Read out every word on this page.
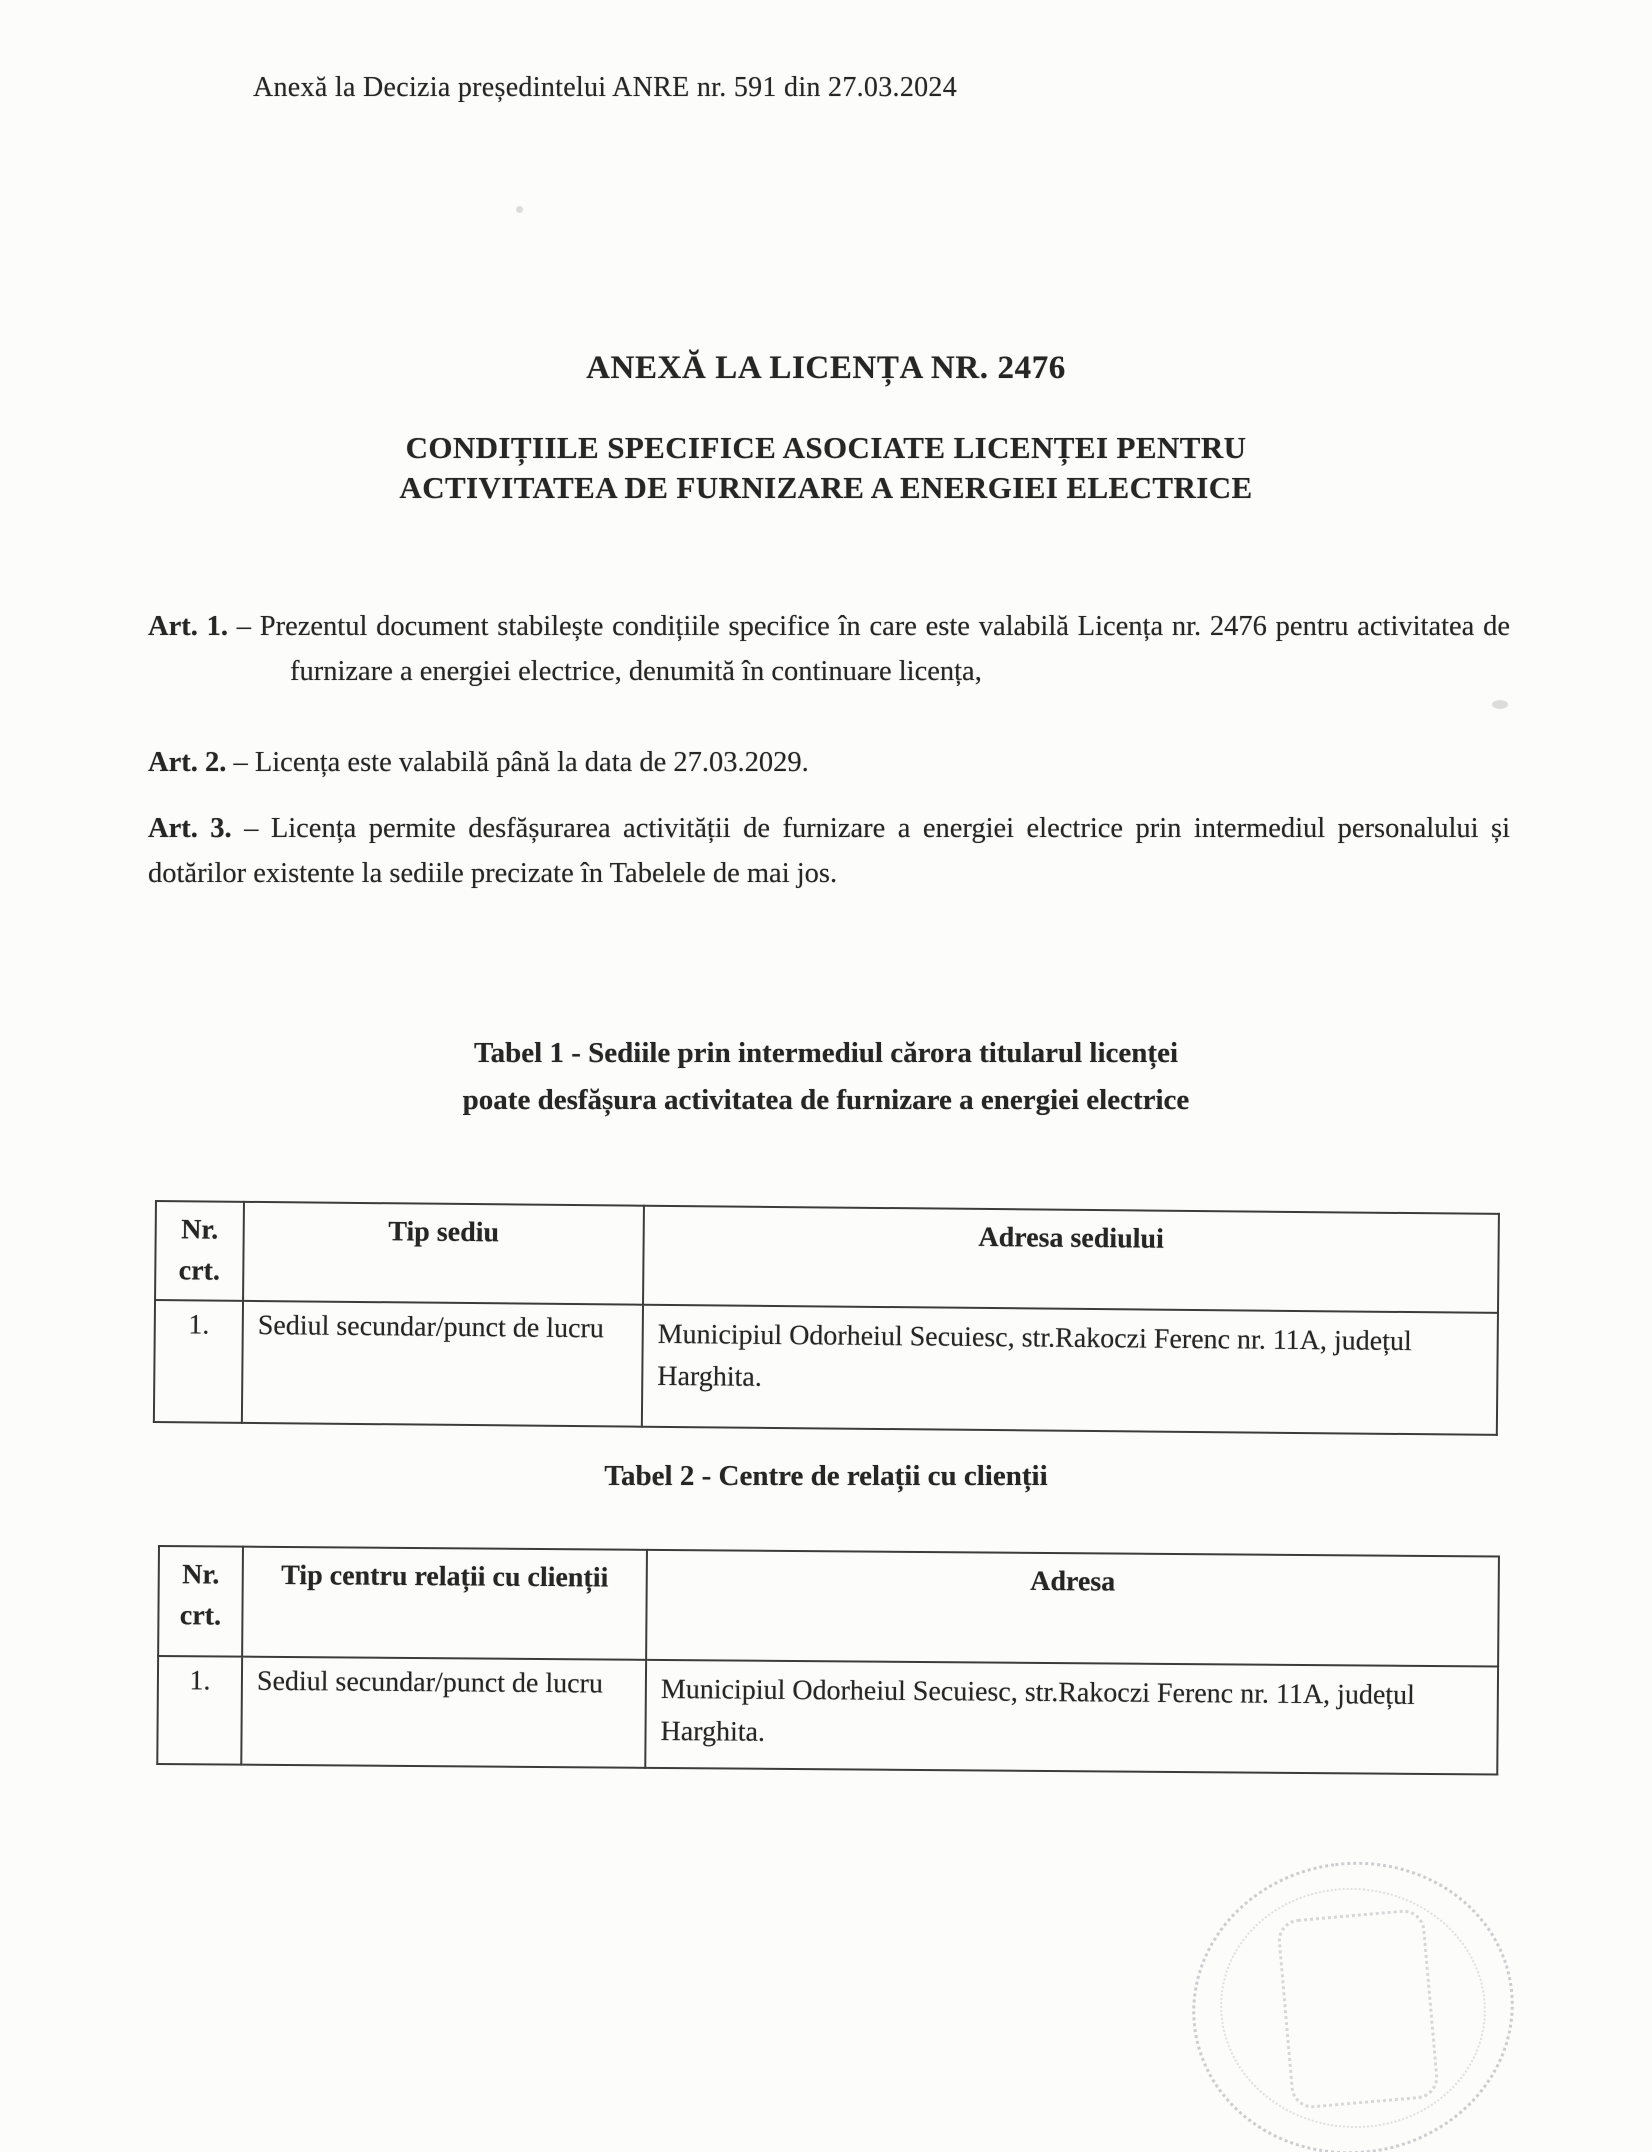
Anexă la Decizia președintelui ANRE nr. 591 din 27.03.2024
ANEXĂ LA LICENȚA NR. 2476
CONDIȚIILE SPECIFICE ASOCIATE LICENȚEI PENTRU
ACTIVITATEA DE FURNIZARE A ENERGIEI ELECTRICE

Art. 1. – Prezentul document stabilește condițiile specifice în care este valabilă Licența nr. 2476 pentru activitatea de furnizare a energiei electrice, denumită în continuare licența,

Art. 2. – Licența este valabilă până la data de 27.03.2029.

Art. 3. – Licența permite desfășurarea activității de furnizare a energiei electrice prin intermediul personalului și dotărilor existente la sediile precizate în Tabelele de mai jos.

Tabel 1 - Sediile prin intermediul cărora titularul licenței
poate desfășura activitatea de furnizare a energiei electrice
Nr. crt.	Tip sediu	Adresa sediului
1.	Sediul secundar/punct de lucru	Municipiul Odorheiul Secuiesc, str.Rakoczi Ferenc nr. 11A, județul Harghita.
Tabel 2 - Centre de relații cu clienții
Nr. crt.	Tip centru relații cu clienții	Adresa
1.	Sediul secundar/punct de lucru	Municipiul Odorheiul Secuiesc, str.Rakoczi Ferenc nr. 11A, județul Harghita.
